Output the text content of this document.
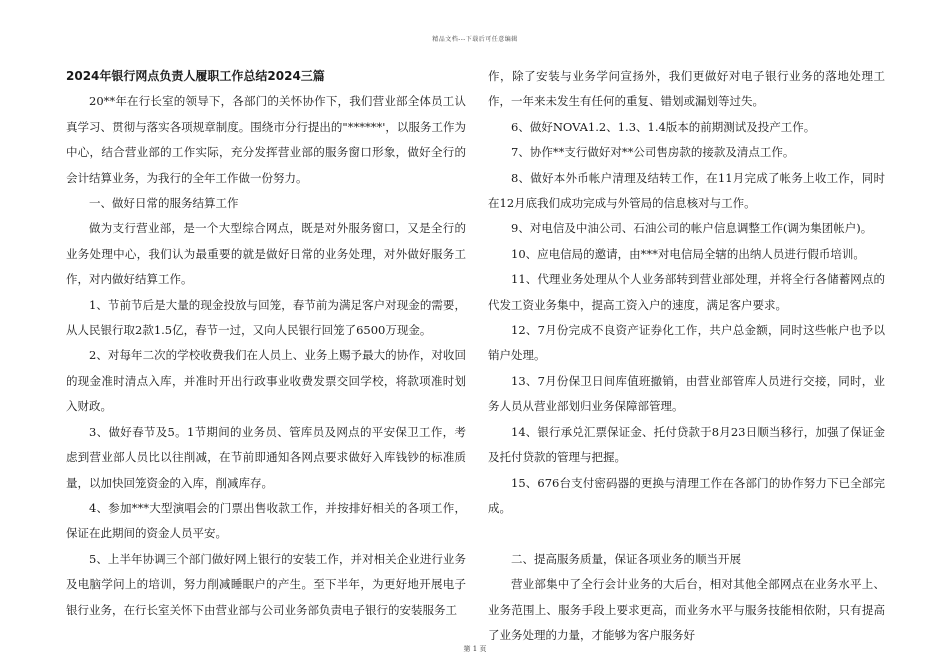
精品文档---下载后可任意编辑

2024年银行网点负责人履职工作总结2024三篇

20**年在行长室的领导下，各部门的关怀协作下，我们营业部全体员工认真学习、贯彻与落实各项规章制度。围绕市分行提出的"******'，以服务工作为中心，结合营业部的工作实际，充分发挥营业部的服务窗口形象，做好全行的会计结算业务，为我行的全年工作做一份努力。

一、做好日常的服务结算工作

做为支行营业部，是一个大型综合网点，既是对外服务窗口，又是全行的业务处理中心，我们认为最重要的就是做好日常的业务处理，对外做好服务工作，对内做好结算工作。

1、节前节后是大量的现金投放与回笼，春节前为满足客户对现金的需要，从人民银行取2款1.5亿，春节一过，又向人民银行回笼了6500万现金。

2、对每年二次的学校收费我们在人员上、业务上赐予最大的协作，对收回的现金准时清点入库，并准时开出行政事业收费发票交回学校，将款项准时划入财政。

3、做好春节及5。1节期间的业务员、管库员及网点的平安保卫工作，考虑到营业部人员比以往削减，在节前即通知各网点要求做好入库钱钞的标准质量，以加快回笼资金的入库，削减库存。

4、参加***大型演唱会的门票出售收款工作，并按排好相关的各项工作，保证在此期间的资金人员平安。

5、上半年协调三个部门做好网上银行的安装工作，并对相关企业进行业务及电脑学问上的培训，努力削减睡眠户的产生。至下半年，为更好地开展电子银行业务，在行长室关怀下由营业部与公司业务部负责电子银行的安装服务工

作，除了安装与业务学问宣扬外，我们更做好对电子银行业务的落地处理工作，一年来未发生有任何的重复、错划或漏划等过失。

6、做好NOVA1.2、1.3、1.4版本的前期测试及投产工作。

7、协作**支行做好对**公司售房款的接款及清点工作。

8、做好本外币帐户清理及结转工作，在11月完成了帐务上收工作，同时在12月底我们成功完成与外管局的信息核对与工作。

9、对电信及中油公司、石油公司的帐户信息调整工作(调为集团帐户)。

10、应电信局的邀请，由***对电信局全辖的出纳人员进行假币培训。

11、代理业务处理从个人业务部转到营业部处理，并将全行各储蓄网点的代发工资业务集中，提高工资入户的速度，满足客户要求。

12、7月份完成不良资产证券化工作，共户总金额，同时这些帐户也予以销户处理。

13、7月份保卫日间库值班撤销，由营业部管库人员进行交接，同时，业务人员从营业部划归业务保障部管理。

14、银行承兑汇票保证金、托付贷款于8月23日顺当移行，加强了保证金及托付贷款的管理与把握。

15、676台支付密码器的更换与清理工作在各部门的协作努力下已全部完成。

二、提高服务质量，保证各项业务的顺当开展

营业部集中了全行会计业务的大后台，相对其他全部网点在业务水平上、业务范围上、服务手段上要求更高，而业务水平与服务技能相依附，只有提高了业务处理的力量，才能够为客户服务好

第 1 页
